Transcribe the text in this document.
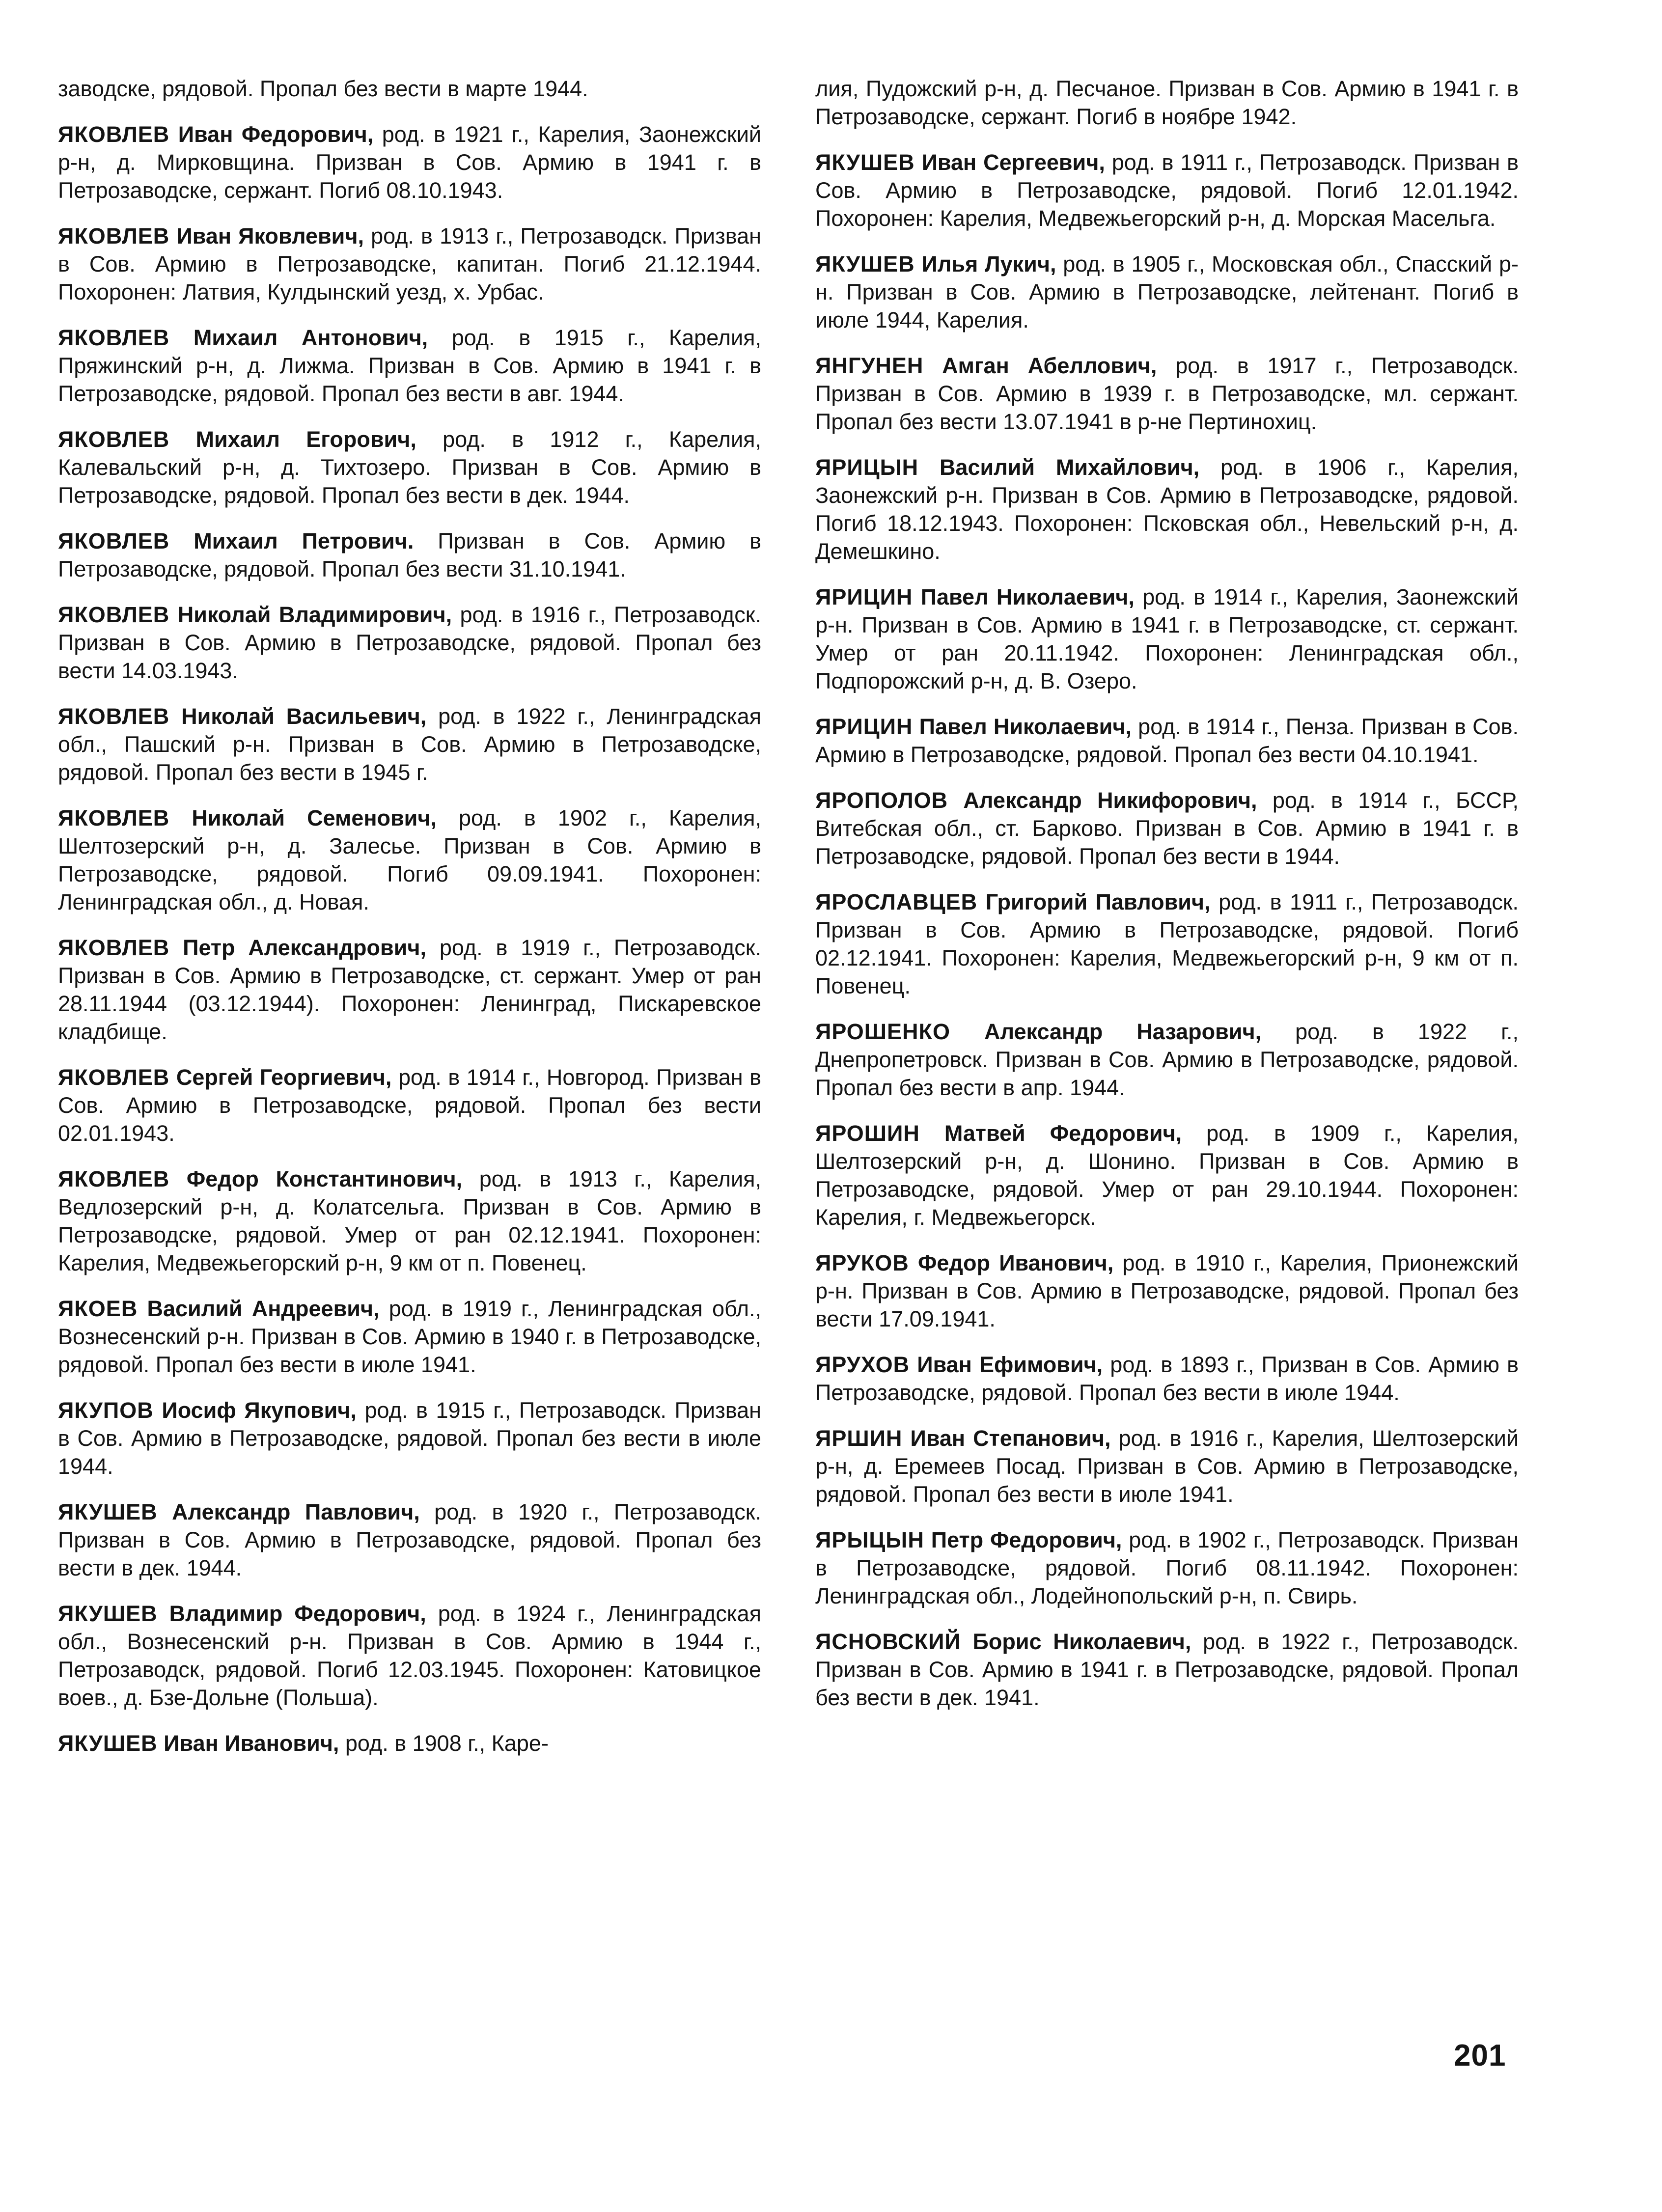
заводске, рядовой. Пропал без вести в марте 1944.

ЯКОВЛЕВ Иван Федорович, род. в 1921 г., Карелия, Заонежский р-н, д. Мирковщина. Призван в Сов. Армию в 1941 г. в Петрозаводске, сержант. Погиб 08.10.1943.

ЯКОВЛЕВ Иван Яковлевич, род. в 1913 г., Петрозаводск. Призван в Сов. Армию в Петрозаводске, капитан. Погиб 21.12.1944. Похоронен: Латвия, Кулдынский уезд, х. Урбас.

ЯКОВЛЕВ Михаил Антонович, род. в 1915 г., Карелия, Пряжинский р-н, д. Лижма. Призван в Сов. Армию в 1941 г. в Петрозаводске, рядовой. Пропал без вести в авг. 1944.

ЯКОВЛЕВ Михаил Егорович, род. в 1912 г., Карелия, Калевальский р-н, д. Тихтозеро. Призван в Сов. Армию в Петрозаводске, рядовой. Пропал без вести в дек. 1944.

ЯКОВЛЕВ Михаил Петрович. Призван в Сов. Армию в Петрозаводске, рядовой. Пропал без вести 31.10.1941.

ЯКОВЛЕВ Николай Владимирович, род. в 1916 г., Петрозаводск. Призван в Сов. Армию в Петрозаводске, рядовой. Пропал без вести 14.03.1943.

ЯКОВЛЕВ Николай Васильевич, род. в 1922 г., Ленинградская обл., Пашский р-н. Призван в Сов. Армию в Петрозаводске, рядовой. Пропал без вести в 1945 г.

ЯКОВЛЕВ Николай Семенович, род. в 1902 г., Карелия, Шелтозерский р-н, д. Залесье. Призван в Сов. Армию в Петрозаводске, рядовой. Погиб 09.09.1941. Похоронен: Ленинградская обл., д. Новая.

ЯКОВЛЕВ Петр Александрович, род. в 1919 г., Петрозаводск. Призван в Сов. Армию в Петрозаводске, ст. сержант. Умер от ран 28.11.1944 (03.12.1944). Похоронен: Ленинград, Пискаревское кладбище.

ЯКОВЛЕВ Сергей Георгиевич, род. в 1914 г., Новгород. Призван в Сов. Армию в Петрозаводске, рядовой. Пропал без вести 02.01.1943.

ЯКОВЛЕВ Федор Константинович, род. в 1913 г., Карелия, Ведлозерский р-н, д. Колатсельга. Призван в Сов. Армию в Петрозаводске, рядовой. Умер от ран 02.12.1941. Похоронен: Карелия, Медвежьегорский р-н, 9 км от п. Повенец.

ЯКОЕВ Василий Андреевич, род. в 1919 г., Ленинградская обл., Вознесенский р-н. Призван в Сов. Армию в 1940 г. в Петрозаводске, рядовой. Пропал без вести в июле 1941.

ЯКУПОВ Иосиф Якупович, род. в 1915 г., Петрозаводск. Призван в Сов. Армию в Петрозаводске, рядовой. Пропал без вести в июле 1944.

ЯКУШЕВ Александр Павлович, род. в 1920 г., Петрозаводск. Призван в Сов. Армию в Петрозаводске, рядовой. Пропал без вести в дек. 1944.

ЯКУШЕВ Владимир Федорович, род. в 1924 г., Ленинградская обл., Вознесенский р-н. Призван в Сов. Армию в 1944 г., Петрозаводск, рядовой. Погиб 12.03.1945. Похоронен: Катовицкое воев., д. Бзе-Дольне (Польша).

ЯКУШЕВ Иван Иванович, род. в 1908 г., Каре-

лия, Пудожский р-н, д. Песчаное. Призван в Сов. Армию в 1941 г. в Петрозаводске, сержант. Погиб в ноябре 1942.

ЯКУШЕВ Иван Сергеевич, род. в 1911 г., Петрозаводск. Призван в Сов. Армию в Петрозаводске, рядовой. Погиб 12.01.1942. Похоронен: Карелия, Медвежьегорский р-н, д. Морская Масельга.

ЯКУШЕВ Илья Лукич, род. в 1905 г., Московская обл., Спасский р-н. Призван в Сов. Армию в Петрозаводске, лейтенант. Погиб в июле 1944, Карелия.

ЯНГУНЕН Амган Абеллович, род. в 1917 г., Петрозаводск. Призван в Сов. Армию в 1939 г. в Петрозаводске, мл. сержант. Пропал без вести 13.07.1941 в р-не Пертинохиц.

ЯРИЦЫН Василий Михайлович, род. в 1906 г., Карелия, Заонежский р-н. Призван в Сов. Армию в Петрозаводске, рядовой. Погиб 18.12.1943. Похоронен: Псковская обл., Невельский р-н, д. Демешкино.

ЯРИЦИН Павел Николаевич, род. в 1914 г., Карелия, Заонежский р-н. Призван в Сов. Армию в 1941 г. в Петрозаводске, ст. сержант. Умер от ран 20.11.1942. Похоронен: Ленинградская обл., Подпорожский р-н, д. В. Озеро.

ЯРИЦИН Павел Николаевич, род. в 1914 г., Пенза. Призван в Сов. Армию в Петрозаводске, рядовой. Пропал без вести 04.10.1941.

ЯРОПОЛОВ Александр Никифорович, род. в 1914 г., БССР, Витебская обл., ст. Барково. Призван в Сов. Армию в 1941 г. в Петрозаводске, рядовой. Пропал без вести в 1944.

ЯРОСЛАВЦЕВ Григорий Павлович, род. в 1911 г., Петрозаводск. Призван в Сов. Армию в Петрозаводске, рядовой. Погиб 02.12.1941. Похоронен: Карелия, Медвежьегорский р-н, 9 км от п. Повенец.

ЯРОШЕНКО Александр Назарович, род. в 1922 г., Днепропетровск. Призван в Сов. Армию в Петрозаводске, рядовой. Пропал без вести в апр. 1944.

ЯРОШИН Матвей Федорович, род. в 1909 г., Карелия, Шелтозерский р-н, д. Шонино. Призван в Сов. Армию в Петрозаводске, рядовой. Умер от ран 29.10.1944. Похоронен: Карелия, г. Медвежьегорск.

ЯРУКОВ Федор Иванович, род. в 1910 г., Карелия, Прионежский р-н. Призван в Сов. Армию в Петрозаводске, рядовой. Пропал без вести 17.09.1941.

ЯРУХОВ Иван Ефимович, род. в 1893 г., Призван в Сов. Армию в Петрозаводске, рядовой. Пропал без вести в июле 1944.

ЯРШИН Иван Степанович, род. в 1916 г., Карелия, Шелтозерский р-н, д. Еремеев Посад. Призван в Сов. Армию в Петрозаводске, рядовой. Пропал без вести в июле 1941.

ЯРЫЦЫН Петр Федорович, род. в 1902 г., Петрозаводск. Призван в Петрозаводске, рядовой. Погиб 08.11.1942. Похоронен: Ленинградская обл., Лодейнопольский р-н, п. Свирь.

ЯСНОВСКИЙ Борис Николаевич, род. в 1922 г., Петрозаводск. Призван в Сов. Армию в 1941 г. в Петрозаводске, рядовой. Пропал без вести в дек. 1941.

201
